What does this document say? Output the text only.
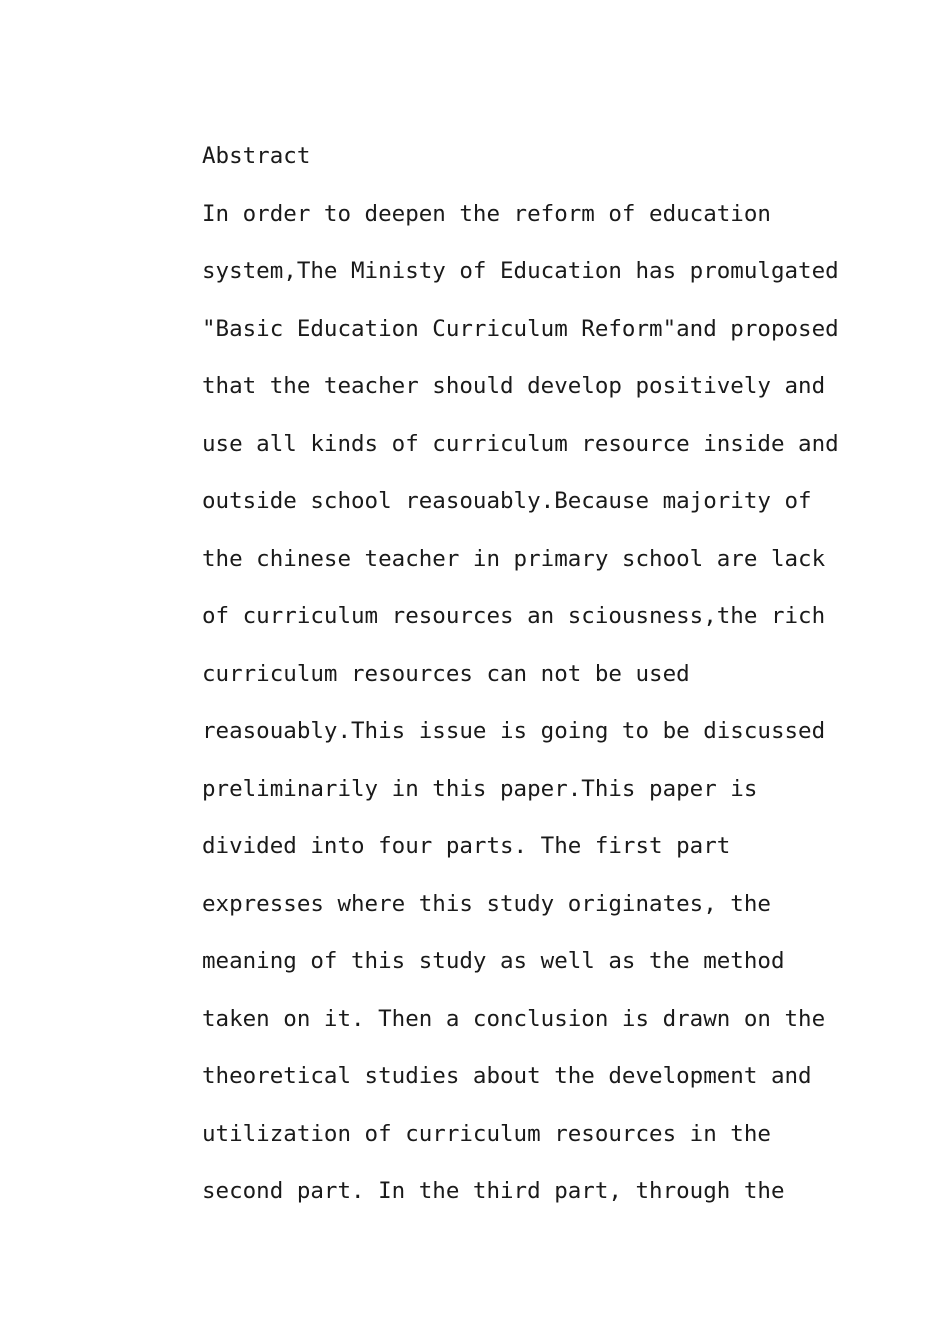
Abstract
In order to deepen the reform of education
system,The Ministy of Education has promulgated
"Basic Education Curriculum Reform"and proposed
that the teacher should develop positively and
use all kinds of curriculum resource inside and
outside school reasouably.Because majority of
the chinese teacher in primary school are lack
of curriculum resources an sciousness,the rich
curriculum resources can not be used
reasouably.This issue is going to be discussed
preliminarily in this paper.This paper is
divided into four parts. The first part
expresses where this study originates, the
meaning of this study as well as the method
taken on it. Then a conclusion is drawn on the
theoretical studies about the development and
utilization of curriculum resources in the
second part. In the third part, through the
